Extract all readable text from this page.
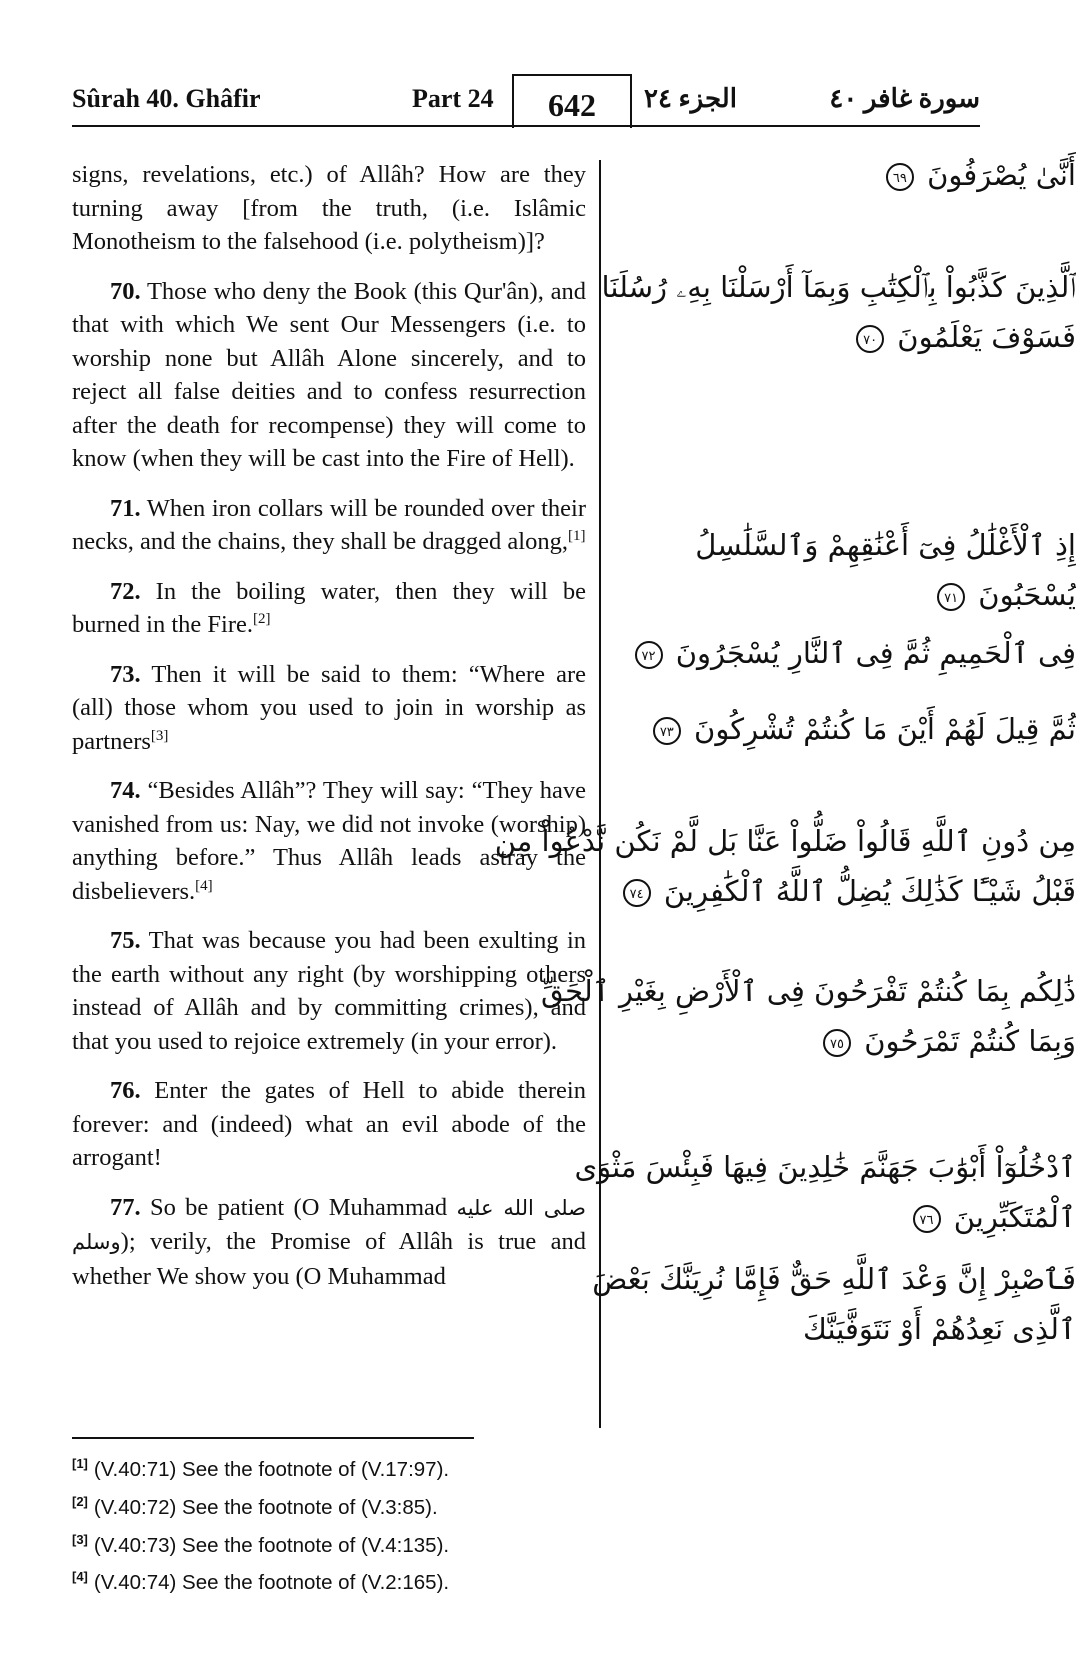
Sûrah 40. Ghâfir	Part 24	642	الجزء ٢٤	سورة غافر ٤٠

signs, revelations, etc.) of Allâh? How are they turning away [from the truth, (i.e. Islâmic Monotheism to the falsehood (i.e. polytheism)]?

70. Those who deny the Book (this Qur'ân), and that with which We sent Our Messengers (i.e. to worship none but Allâh Alone sincerely, and to reject all false deities and to confess resurrection after the death for recompense) they will come to know (when they will be cast into the Fire of Hell).

71. When iron collars will be rounded over their necks, and the chains, they shall be dragged along,[1]

72. In the boiling water, then they will be burned in the Fire.[2]

73. Then it will be said to them: “Where are (all) those whom you used to join in worship as partners[3]

74. “Besides Allâh”? They will say: “They have vanished from us: Nay, we did not invoke (worship) anything before.” Thus Allâh leads astray the disbelievers.[4]

75. That was because you had been exulting in the earth without any right (by worshipping others instead of Allâh and by committing crimes), and that you used to rejoice extremely (in your error).

76. Enter the gates of Hell to abide therein forever: and (indeed) what an evil abode of the arrogant!

77. So be patient (O Muhammad صلى الله عليه وسلم); verily, the Promise of Allâh is true and whether We show you (O Muhammad

أَنَّىٰ يُصْرَفُونَ ٦٩
ٱلَّذِينَ كَذَّبُواْ بِٱلْكِتَٰبِ وَبِمَآ أَرْسَلْنَا بِهِۦ رُسُلَنَا
فَسَوْفَ يَعْلَمُونَ ٧٠
إِذِ ٱلْأَغْلَٰلُ فِىٓ أَعْنَٰقِهِمْ وَٱلسَّلَٰسِلُ
يُسْحَبُونَ ٧١
فِى ٱلْحَمِيمِ ثُمَّ فِى ٱلنَّارِ يُسْجَرُونَ ٧٢
ثُمَّ قِيلَ لَهُمْ أَيْنَ مَا كُنتُمْ تُشْرِكُونَ ٧٣
مِن دُونِ ٱللَّهِ قَالُواْ ضَلُّواْ عَنَّا بَل لَّمْ نَكُن نَّدْعُواْ مِن
قَبْلُ شَيْـًٔا كَذَٰلِكَ يُضِلُّ ٱللَّهُ ٱلْكَٰفِرِينَ ٧٤
ذَٰلِكُم بِمَا كُنتُمْ تَفْرَحُونَ فِى ٱلْأَرْضِ بِغَيْرِ ٱلْحَقِّ
وَبِمَا كُنتُمْ تَمْرَحُونَ ٧٥
ٱدْخُلُوٓاْ أَبْوَٰبَ جَهَنَّمَ خَٰلِدِينَ فِيهَا فَبِئْسَ مَثْوَى
ٱلْمُتَكَبِّرِينَ ٧٦
فَٱصْبِرْ إِنَّ وَعْدَ ٱللَّهِ حَقٌّ فَإِمَّا نُرِيَنَّكَ بَعْضَ
ٱلَّذِى نَعِدُهُمْ أَوْ نَتَوَفَّيَنَّكَ
[1] (V.40:71) See the footnote of (V.17:97).
[2] (V.40:72) See the footnote of (V.3:85).
[3] (V.40:73) See the footnote of (V.4:135).
[4] (V.40:74) See the footnote of (V.2:165).
